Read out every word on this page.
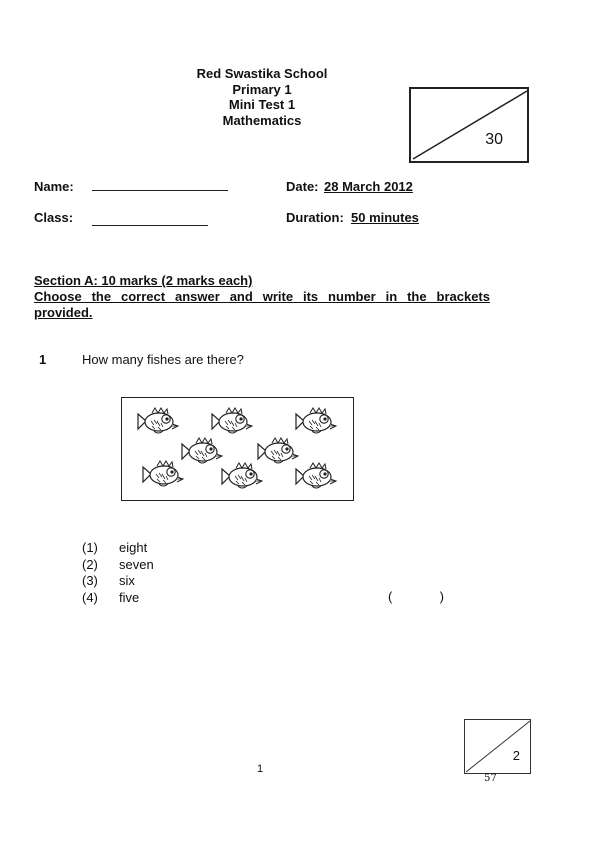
Red Swastika School
Primary 1
Mini Test 1
Mathematics
30
Name:
Class:
Date: 28 March 2012
Duration: 50 minutes
Section A: 10 marks (2 marks each)
Choose the correct answer and write its number in the brackets
provided.
1	How many fishes are there?
(1)	eight
(2)	seven
(3)	six
(4)	five	(	)
1
2
57
